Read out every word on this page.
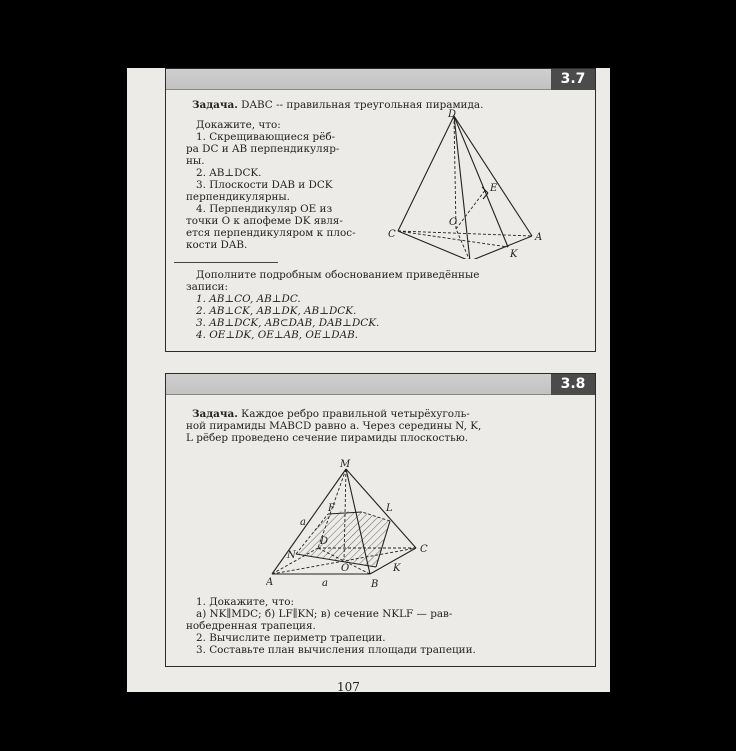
3.7
Задача. DABC -- правильная треугольная пирамида.

Докажите, что:

1. Скрещивающиеся рёб-

ра DC и AB перпендикуляр-

ны.

2. AB⊥DCK.

3. Плоскости DAB и DCK

перпендикулярны.

4. Перпендикуляр OE из

точки O к апофеме DK явля-

ется перпендикуляром к плос-

кости DAB.

D
E
C
O
A
K

Дополните подробным обоснованием приведённые

записи:

1. AB⊥CO, AB⊥DC.

2. AB⊥CK, AB⊥DK, AB⊥DCK.

3. AB⊥DCK, AB⊂DAB, DAB⊥DCK.

4. OE⊥DK, OE⊥AB, OE⊥DAB.

3.8

Задача. Каждое ребро правильной четырёхуголь-

ной пирамиды MABCD равно a. Через середины N, K,

L рёбер проведено сечение пирамиды плоскостью.

M
L
F
a
D
N
C
O	K
A	a	B

1. Докажите, что:

а) NK∥MDC; б) LF∥KN; в) сечение NKLF — рав-

нобедренная трапеция.

2. Вычислите периметр трапеции.

3. Составьте план вычисления площади трапеции.

107
